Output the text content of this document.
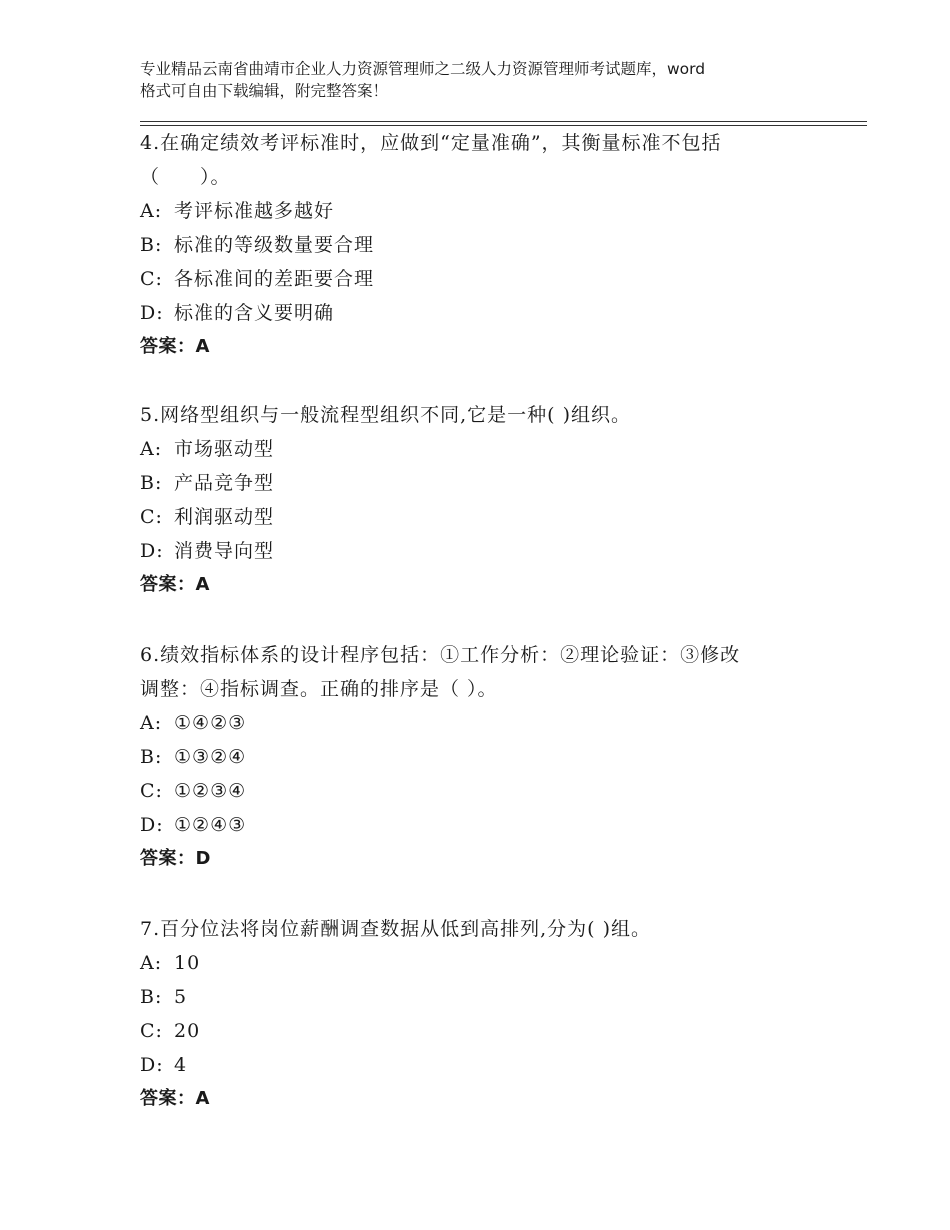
专业精品云南省曲靖市企业人力资源管理师之二级人力资源管理师考试题库，word
格式可自由下载编辑，附完整答案！
4.在确定绩效考评标准时，应做到“定量准确”，其衡量标准不包括
（　　）。
A: 考评标准越多越好
B: 标准的等级数量要合理
C: 各标准间的差距要合理
D: 标准的含义要明确
答案：A
5.网络型组织与一般流程型组织不同,它是一种( )组织。
A: 市场驱动型
B: 产品竞争型
C: 利润驱动型
D: 消费导向型
答案：A
6.绩效指标体系的设计程序包括：①工作分析：②理论验证：③修改
调整：④指标调查。正确的排序是（ ）。
A: ①④②③
B: ①③②④
C: ①②③④
D: ①②④③
答案：D
7.百分位法将岗位薪酬调查数据从低到高排列,分为( )组。
A: 10
B: 5
C: 20
D: 4
答案：A
